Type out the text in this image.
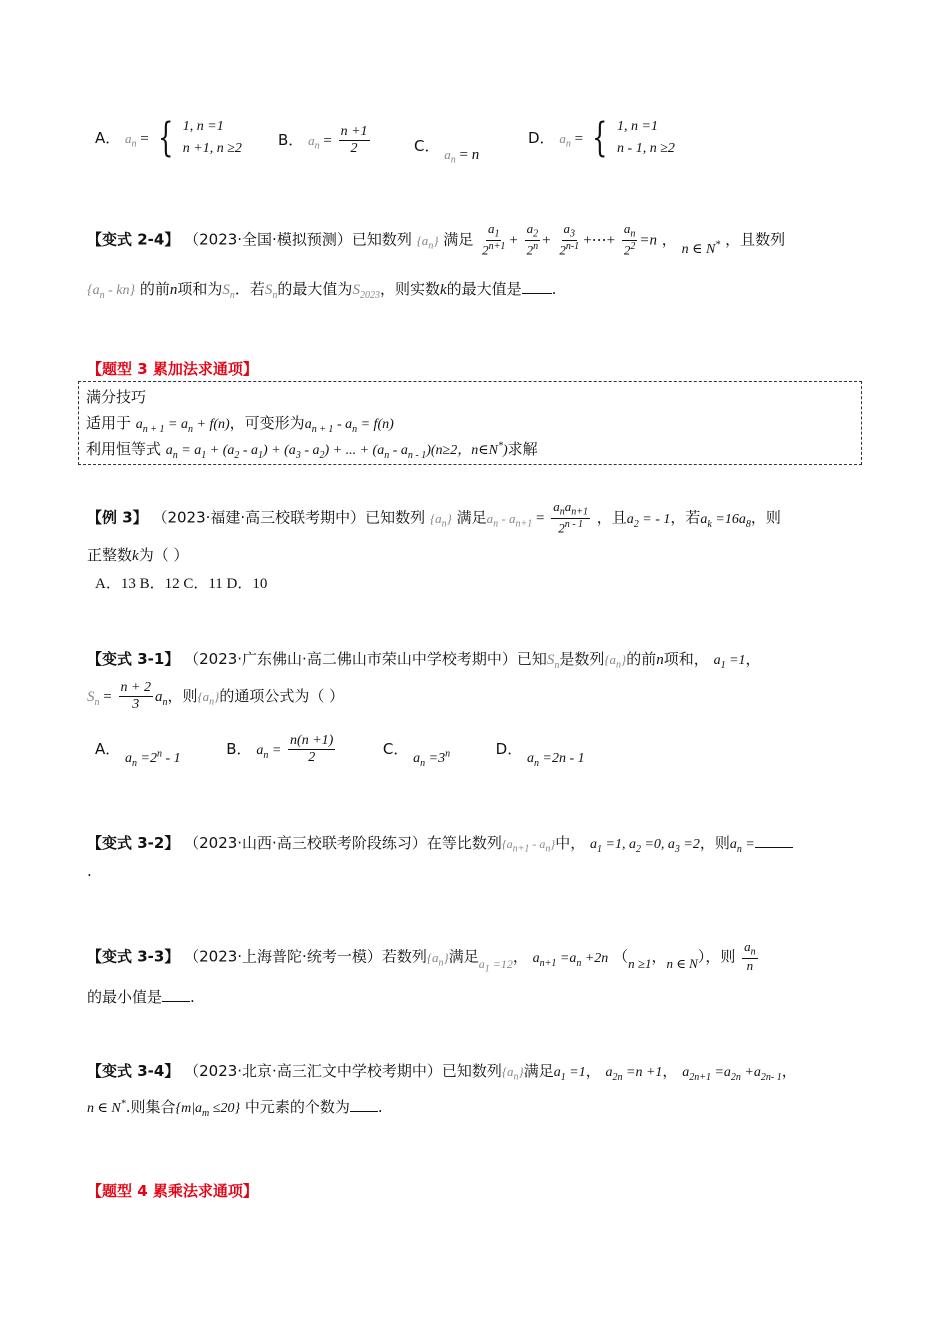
A． $a_n$ = { 1, n =1
n +1, n ≥2 B． $a_n = \frac{n +1}{2}$	C． $a_n = n$
D． $a_n$ = { 1, n =1
n - 1, n ≥2
【变式 2-4】 （2023·全国·模拟预测）已知数列 $\{a_n\}$ 满足 $\frac{a_1}{2^{n+1}} + \frac{a_2}{2^n} + \frac{a_3}{2^{n-1}}$ +⋯+ $\frac{a_n}{2^2} =n$ ， n ∈ N* ，且数列
$\{a_n - kn\}$ 的前n项和为$S_n$．若$S_n$的最大值为$S_{2023}$，则实数k的最大值是 .
【题型 3 累加法求通项】
满分技巧
适用于 $a_{n + 1} = a_n + f(n)$，可变形为$a_{n + 1} - a_n = f(n)$
利用恒等式 $a_n = a_1 + (a_2 - a_1) + (a_3 - a_2)$ + ... + $(a_n - a_{n - 1})(n\ge 2$，n∈N*)求解
【例 3】 （2023·福建·高三校联考期中）已知数列 $\{a_n\}$ 满足$a_n - a_{n+1} = \frac{a_na_{n+1}}{2^{n - 1}}$ ，且$a_2$ = - 1，若$a_k =16a_8$，则
正整数k为（ ）
A．13 B．12 C．11 D．10
【变式 3-1】 （2023·广东佛山·高二佛山市荣山中学校考期中）已知$S_n$是数列$\{a_n\}$的前n项和， $a_1 =1$，
$S_n = \frac{n + 2}{3} a_n$，则$\{a_n\}$的通项公式为（ ）
A． $a_n =2^n - 1$  B． $a_n = \frac{n(n +1)}{2}$	C． $a_n =3^n$	D． $a_n =2n - 1$
【变式 3-2】 （2023·山西·高三校联考阶段练习）在等比数列$\{a_{n+1} - a_n\}$中， $a_1 =1$, $a_2 =0$, $a_3 =2$，则$a_n$ =
.
【变式 3-3】 （2023·上海普陀·统考一模）若数列$\{a_n\}$满足$_{a_1 =12}$， $a_{n+1} =a_n +2n$ （n ≥1，n ∈ N），则 $\frac{a_n}{n}$
的最小值是 .
【变式 3-4】 （2023·北京·高三汇文中学校考期中）已知数列$\{a_n\}$满足$a_1 =1$， $a_{2n} =n +1$， $a_{2n+1} =a_{2n} +a_{2n- 1}$，
n ∈ N*.则集合$\{m|a_m \le 20\}$ 中元素的个数为 .
【题型 4 累乘法求通项】
